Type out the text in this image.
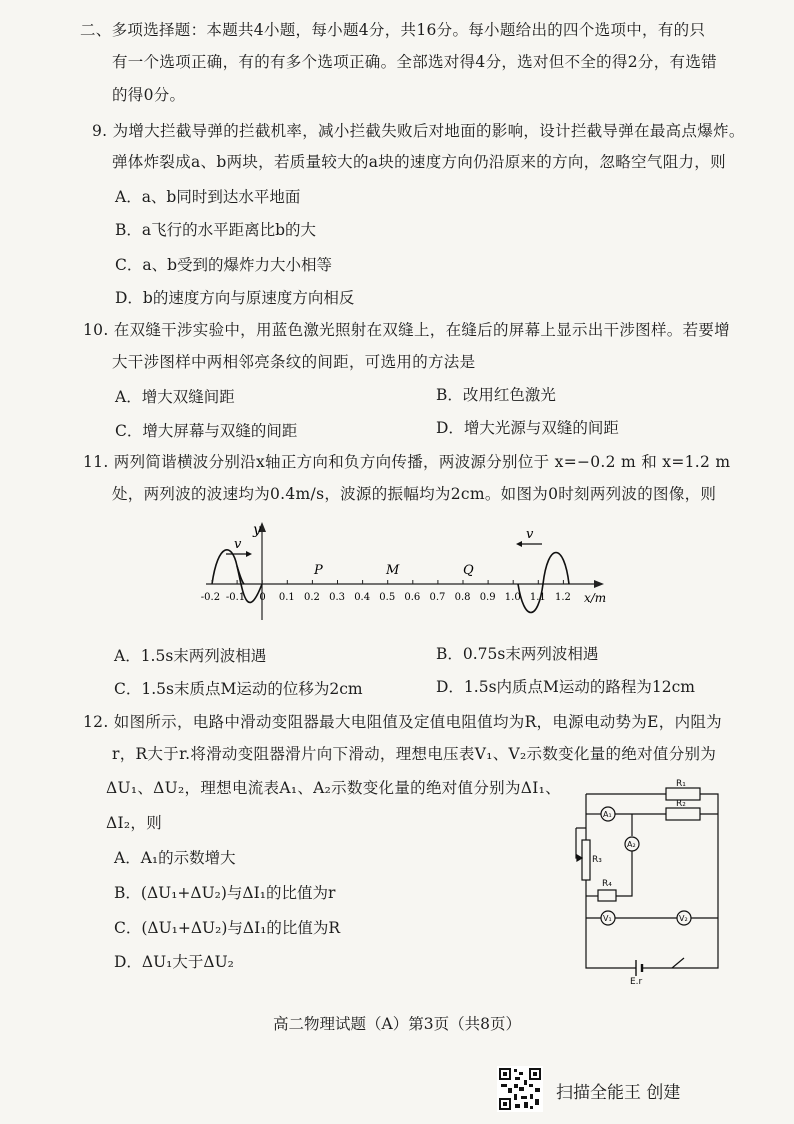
二、多项选择题：本题共4小题，每小题4分，共16分。每小题给出的四个选项中，有的只
有一个选项正确，有的有多个选项正确。全部选对得4分，选对但不全的得2分，有选错
的得0分。
9. 为增大拦截导弹的拦截机率，减小拦截失败后对地面的影响，设计拦截导弹在最高点爆炸。
弹体炸裂成a、b两块，若质量较大的a块的速度方向仍沿原来的方向，忽略空气阻力，则
A．a、b同时到达水平地面
B．a飞行的水平距离比b的大
C．a、b受到的爆炸力大小相等
D．b的速度方向与原速度方向相反
10. 在双缝干涉实验中，用蓝色激光照射在双缝上，在缝后的屏幕上显示出干涉图样。若要增
大干涉图样中两相邻亮条纹的间距，可选用的方法是
A．增大双缝间距	B．改用红色激光
C．增大屏幕与双缝的间距	D．增大光源与双缝的间距
11. 两列简谐横波分别沿x轴正方向和负方向传播，两波源分别位于 x=−0.2 m 和 x=1.2 m
处，两列波的波速均为0.4m/s，波源的振幅均为2cm。如图为0时刻两列波的图像，则
y
x/m
v
v
P	M	Q
-0.2 -0.1 0 0.1 0.2 0.3 0.4 0.5 0.6 0.7 0.8 0.9 1.0 1.1 1.2
A．1.5s末两列波相遇	B．0.75s末两列波相遇
C．1.5s末质点M运动的位移为2cm	D．1.5s内质点M运动的路程为12cm
12. 如图所示，电路中滑动变阻器最大电阻值及定值电阻值均为R，电源电动势为E，内阻为
r，R大于r.将滑动变阻器滑片向下滑动，理想电压表V₁、V₂示数变化量的绝对值分别为
ΔU₁、ΔU₂，理想电流表A₁、A₂示数变化量的绝对值分别为ΔI₁、
ΔI₂，则
A．A₁的示数增大
B．(ΔU₁+ΔU₂)与ΔI₁的比值为r
C．(ΔU₁+ΔU₂)与ΔI₁的比值为R
D．ΔU₁大于ΔU₂
R₁
R₂
A₁
A₂
R₃
R₄
V₁	V₂
E.r
高二物理试题（A）第3页（共8页）
扫描全能王 创建
